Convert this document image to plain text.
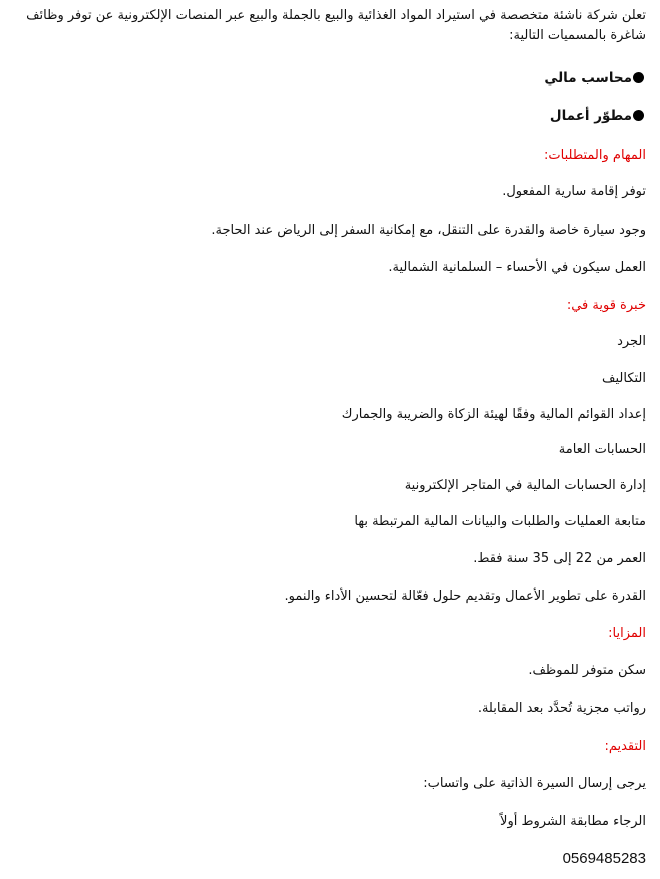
تعلن شركة ناشئة متخصصة في استيراد المواد الغذائية والبيع بالجملة والبيع عبر المنصات الإلكترونية عن توفر وظائف شاغرة بالمسميات التالية:
محاسب مالي
مطوّر أعمال
المهام والمتطلبات:
توفر إقامة سارية المفعول.
وجود سيارة خاصة والقدرة على التنقل، مع إمكانية السفر إلى الرياض عند الحاجة.
العمل سيكون في الأحساء – السلمانية الشمالية.
خبرة قوية في:
الجرد
التكاليف
إعداد القوائم المالية وفقًا لهيئة الزكاة والضريبة والجمارك
الحسابات العامة
إدارة الحسابات المالية في المتاجر الإلكترونية
متابعة العمليات والطلبات والبيانات المالية المرتبطة بها
العمر من 22 إلى 35 سنة فقط.
القدرة على تطوير الأعمال وتقديم حلول فعّالة لتحسين الأداء والنمو.
المزايا:
سكن متوفر للموظف.
رواتب مجزية تُحدَّد بعد المقابلة.
التقديم:
يرجى إرسال السيرة الذاتية على واتساب:
الرجاء مطابقة الشروط أولاً
0569485283
